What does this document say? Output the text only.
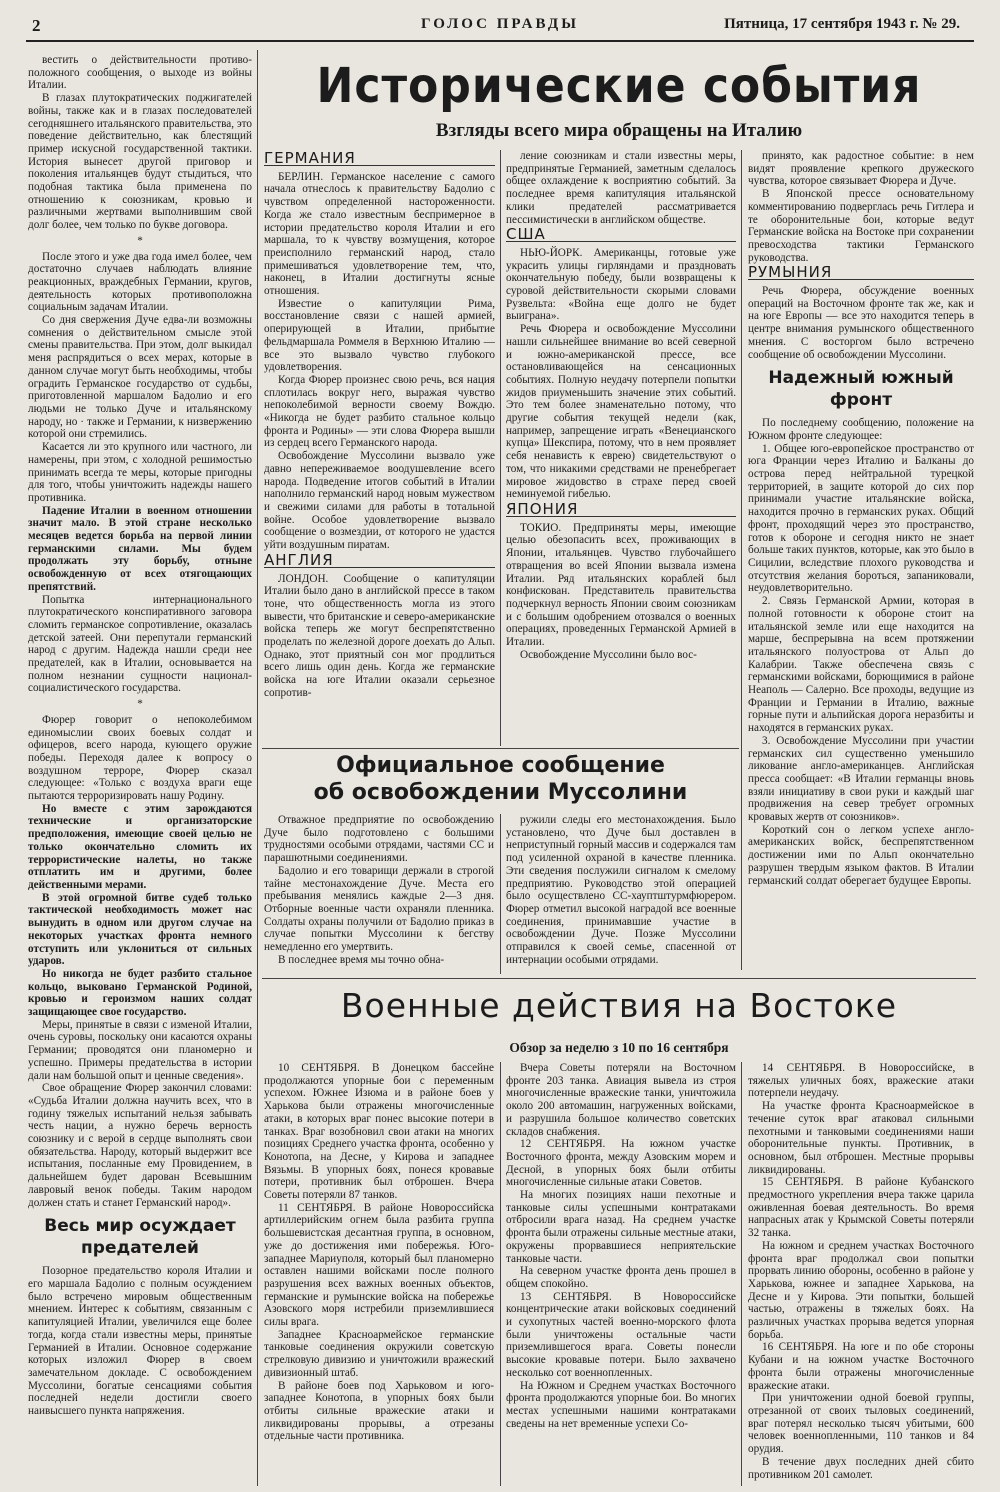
2	ГОЛОС ПРАВДЫ	Пятница, 17 сентября 1943 г. № 29.

вестить о действительности противо-положного сообщения, о выходе из войны Италии.

В глазах плутократических поджигателей войны, также как и в глазах последователей сегодняшнего итальянского правительства, это поведение действительно, как блестящий пример искусной государственной тактики. История вынесет другой приговор и поколения итальянцев будут стыдиться, что подобная тактика была применена по отношению к союзникам, кровью и различными жертвами выполнившим свой долг более, чем только по букве договора.

*

После этого и уже два года имел более, чем достаточно случаев наблюдать влияние реакционных, враждебных Германии, кругов, деятельность которых противоположна социальным задачам Италии.

Со дня свержения Дуче едва-ли возможны сомнения о действительном смысле этой смены правительства. При этом, долг выкидал меня распрядиться о всех мерах, которые в данном случае могут быть необходимы, чтобы оградить Германское государство от судьбы, приготовленной маршалом Бадолио и его людьми не только Дуче и итальянскому народу, но · также и Германии, к низвержению которой они стремились.

Касается ли это крупного или частного, ли намерены, при этом, с холодной решимостью принимать всегда те меры, которые пригодны для того, чтобы уничтожить надежды нашего противника.

Падение Италии в военном отношении значит мало. В этой стране несколько месяцев ведется борьба на первой линии германскими силами. Мы будем продолжать эту борьбу, отныне освобожденную от всех отягощающих препятствий.

Попытка интернационального плутократического конспиративного заговора сломить германское сопротивление, оказалась детской затеей. Они перепутали германский народ с другим. Надежда нашли среди нее предателей, как в Италии, основывается на полном незнании сущности национал-социалистического государства.

*

Фюрер говорит о непоколебимом единомыслии своих боевых солдат и офицеров, всего народа, кующего оружие победы. Переходя далее к вопросу о воздушном терроре, Фюрер сказал следующее: «Только с воздуха враги еще пытаются терроризировать нашу Родину.

Но вместе с этим зарождаются технические и организаторские предположения, имеющие своей целью не только окончательно сломить их террористические налеты, но также отплатить им и другими, более действенными мерами.

В этой огромной битве судеб только тактической необходимость может нас вынудить в одном или другом случае на некоторых участках фронта немного отступить или уклониться от сильных ударов.

Но никогда не будет разбито стальное кольцо, выковано Германской Родиной, кровью и героизмом наших солдат защищающее свое государство.

Меры, принятые в связи с изменой Италии, очень суровы, поскольку они касаются охраны Германии; проводятся они планомерно и успешно. Примеры предательства в истории дали нам большой опыт и ценные сведения».

Свое обращение Фюрер закончил словами: «Судьба Италии должна научить всех, что в годину тяжелых испытаний нельзя забывать честь нации, а нужно беречь верность союзнику и с верой в сердце выполнять свои обязательства. Народу, который выдержит все испытания, посланные ему Провидением, в дальнейшем будет дарован Всевышним лавровый венок победы. Таким народом должен стать и станет Германский народ».

Весь мир осуждает предателей

Позорное предательство короля Италии и его маршала Бадолио с полным осуждением было встречено мировым общественным мнением. Интерес к событиям, связанным с капитуляцией Италии, увеличился еще более тогда, когда стали известны меры, принятые Германией в Италии. Основное содержание которых изложил Фюрер в своем замечательном докладе. С освобождением Муссолини, богатые сенсациями события последней недели достигли своего наивысшего пункта напряжения.

Исторические события
Взгляды всего мира обращены на Италию

ГЕРМАНИЯ

БЕРЛИН. Германское население с самого начала отнеслось к правительству Бадолио с чувством определенной настороженности. Когда же стало известным беспримерное в истории предательство короля Италии и его маршала, то к чувству возмущения, которое преисполнило германский народ, стало примешиваться удовлетворение тем, что, наконец, в Италии достигнуты ясные отношения.

Известие о капитуляции Рима, восстановление связи с нашей армией, оперирующей в Италии, прибытие фельдмаршала Роммеля в Верхнюю Италию — все это вызвало чувство глубокого удовлетворения.

Когда Фюрер произнес свою речь, вся нация сплотилась вокруг него, выражая чувство непоколебимой верности своему Вождю. «Никогда не будет разбито стальное кольцо фронта и Родины» — эти слова Фюрера вышли из сердец всего Германского народа.

Освобождение Муссолини вызвало уже давно непереживаемое воодушевление всего народа. Подведение итогов событий в Италии наполнило германский народ новым мужеством и свежими силами для работы в тотальной войне. Особое удовлетворение вызвало сообщение о возмездии, от которого не удастся уйти воздушным пиратам.

АНГЛИЯ

ЛОНДОН. Сообщение о капитуляции Италии было дано в английской прессе в таком тоне, что общественность могла из этого вывести, что британские и северо-американские войска теперь же могут беспрепятственно проделать по железной дороге доехать до Альп. Однако, этот приятный сон мог продлиться всего лишь один день. Когда же германские войска на юге Италии оказали серьезное сопротив-

ление союзникам и стали известны меры, предпринятые Германией, заметным сделалось общее охлаждение к восприятию событий. За последнее время капитуляция итальянской клики предателей рассматривается пессимистически в английском обществе.

США

НЬЮ-ЙОРК. Американцы, готовые уже украсить улицы гирляндами и праздновать окончательную победу, были возвращены к суровой действительности скорыми словами Рузвельта: «Война еще долго не будет выиграна».

Речь Фюрера и освобождение Муссолини нашли сильнейшее внимание во всей северной и южно-американской прессе, все остановливающейся на сенсационных событиях. Полную неудачу потерпели попытки жидов приуменьшить значение этих событий. Это тем более знаменательно потому, что другие события текущей недели (как, например, запрещение играть «Венецианского купца» Шекспира, потому, что в нем проявляет себя ненависть к еврею) свидетельствуют о том, что никакими средствами не пренебрегает мировое жидовство в страхе перед своей неминуемой гибелью.

ЯПОНИЯ

ТОКИО. Предприняты меры, имеющие целью обезопасить всех, проживающих в Японии, итальянцев. Чувство глубочайшего отвращения во всей Японии вызвала измена Италии. Ряд итальянских кораблей был конфискован. Представитель правительства подчеркнул верность Японии своим союзникам и с большим одобрением отозвался о военных операциях, проведенных Германской Армией в Италии.

Освобождение Муссолини было вос-

принято, как радостное событие: в нем видят проявление крепкого дружеского чувства, которое связывает Фюрера и Дуче.

В Японской прессе основательному комментированию подверглась речь Гитлера и те оборонительные бои, которые ведут Германские войска на Востоке при сохранении превосходства тактики Германского руководства.

РУМЫНИЯ

Речь Фюрера, обсуждение военных операций на Восточном фронте так же, как и на юге Европы — все это находится теперь в центре внимания румынского общественного мнения. С восторгом было встречено сообщение об освобождении Муссолини.

Надежный южный фронт

По последнему сообщению, положение на Южном фронте следующее:

1. Общее юго-европейское пространство от юга Франции через Италию и Балканы до острова перед нейтральной турецкой территорией, в защите которой до сих пор принимали участие итальянские войска, находится прочно в германских руках. Общий фронт, проходящий через это пространство, готов к обороне и сегодня никто не знает больше таких пунктов, которые, как это было в Сицилии, вследствие плохого руководства и отсутствия желания бороться, запаниковали, неудовлетворительно.

2. Связь Германской Армии, которая в полной готовности к обороне стоит на итальянской земле или еще находится на марше, беспрерывна на всем протяжении итальянского полуострова от Альп до Калабрии. Также обеспечена связь с германскими войсками, борющимися в районе Неаполь — Салерно. Все проходы, ведущие из Франции и Германии в Италию, важные горные пути и альпийская дорога неразбиты и находятся в германских руках.

3. Освобождение Муссолини при участии германских сил существенно уменьшило ликование англо-американцев. Английская пресса сообщает: «В Италии германцы вновь взяли инициативу в свои руки и каждый шаг продвижения на север требует огромных кровавых жертв от союзников».

Короткий сон о легком успехе англо-американских войск, беспрепятственном достижении ими по Альп окончательно разрушен твердым языком фактов. В Италии германский солдат оберегает будущее Европы.

Официальное сообщение
об освобождении Муссолини

Отважное предприятие по освобождению Дуче было подготовлено с большими трудностями особыми отрядами, частями СС и парашютными соединениями.

Бадолио и его товарищи держали в строгой тайне местонахождение Дуче. Места его пребывания менялись каждые 2—3 дня. Отборные военные части охраняли пленника. Солдаты охраны получили от Бадолио приказ в случае попытки Муссолини к бегству немедленно его умертвить.

В последнее время мы точно обна-

ружили следы его местонахождения. Было установлено, что Дуче был доставлен в неприступный горный массив и содержался там под усиленной охраной в качестве пленника. Эти сведения послужили сигналом к смелому предприятию. Руководство этой операцией было осуществлено СС-хауптштурмфюрером. Фюрер отметил высокой наградой все военные соединения, принимавшие участие в освобождении Дуче. Позже Муссолини отправился к своей семье, спасенной от интернации особыми отрядами.

Военные действия на Востоке
Обзор за неделю з 10 по 16 сентября

10 СЕНТЯБРЯ. В Донецком бассейне продолжаются упорные бои с переменным успехом. Южнее Изюма и в районе боев у Харькова были отражены многочисленные атаки, в которых враг понес высокие потери в танках. Враг возобновил свои атаки на многих позициях Среднего участка фронта, особенно у Конотопа, на Десне, у Кирова и западнее Вязьмы. В упорных боях, понеся кровавые потери, противник был отброшен. Вчера Советы потеряли 87 танков.

11 СЕНТЯБРЯ. В районе Новороссийска артиллерийским огнем была разбита группа большевистская десантная группа, в основном, уже до достижения ими побережья. Юго-западнее Мариуполя, который был планомерно оставлен нашими войсками после полного разрушения всех важных военных объектов, германские и румынские войска на побережье Азовского моря истребили приземлившиеся силы врага.

Западнее Красноармейское германские танковые соединения окружили советскую стрелковую дивизию и уничтожили вражеский дивизионный штаб.

В районе боев под Харьковом и юго-западнее Конотопа, в упорных боях были отбиты сильные вражеские атаки и ликвидированы прорывы, а отрезаны отдельные части противника.

Вчера Советы потеряли на Восточном фронте 203 танка. Авиация вывела из строя многочисленные вражеские танки, уничтожила около 200 автомашин, нагруженных войсками, и разрушила большое количество советских складов снабжения.

12 СЕНТЯБРЯ. На южном участке Восточного фронта, между Азовским морем и Десной, в упорных боях были отбиты многочисленные сильные атаки Советов.

На многих позициях наши пехотные и танковые силы успешными контратаками отбросили врага назад. На среднем участке фронта были отражены сильные местные атаки, окружены прорвавшиеся неприятельские танковые части.

На северном участке фронта день прошел в общем спокойно.

13 СЕНТЯБРЯ. В Новороссийске концентрические атаки войсковых соединений и сухопутных частей военно-морского флота были уничтожены остальные части приземлившегося врага. Советы понесли высокие кровавые потери. Было захвачено несколько сот военнопленных.

На Южном и Среднем участках Восточного фронта продолжаются упорные бои. Во многих местах успешными нашими контратаками сведены на нет временные успехи Со-

14 СЕНТЯБРЯ. В Новороссийске, в тяжелых уличных боях, вражеские атаки потерпели неудачу.

На участке фронта Красноармейское в течение суток враг атаковал сильными пехотными и танковыми соединениями наши оборонительные пункты. Противник, в основном, был отброшен. Местные прорывы ликвидированы.

15 СЕНТЯБРЯ. В районе Кубанского предмостного укрепления вчера также царила оживленная боевая деятельность. Во время напрасных атак у Крымской Советы потеряли 32 танка.

На южном и среднем участках Восточного фронта враг продолжал свои попытки прорвать линию обороны, особенно в районе у Харькова, южнее и западнее Харькова, на Десне и у Кирова. Эти попытки, большей частью, отражены в тяжелых боях. На различных участках прорыва ведется упорная борьба.

16 СЕНТЯБРЯ. На юге и по обе стороны Кубани и на южном участке Восточного фронта были отражены многочисленные вражеские атаки.

При уничтожении одной боевой группы, отрезанной от своих тыловых соединений, враг потерял несколько тысяч убитыми, 600 человек военнопленными, 110 танков и 84 орудия.

В течение двух последних дней сбито противником 201 самолет.
